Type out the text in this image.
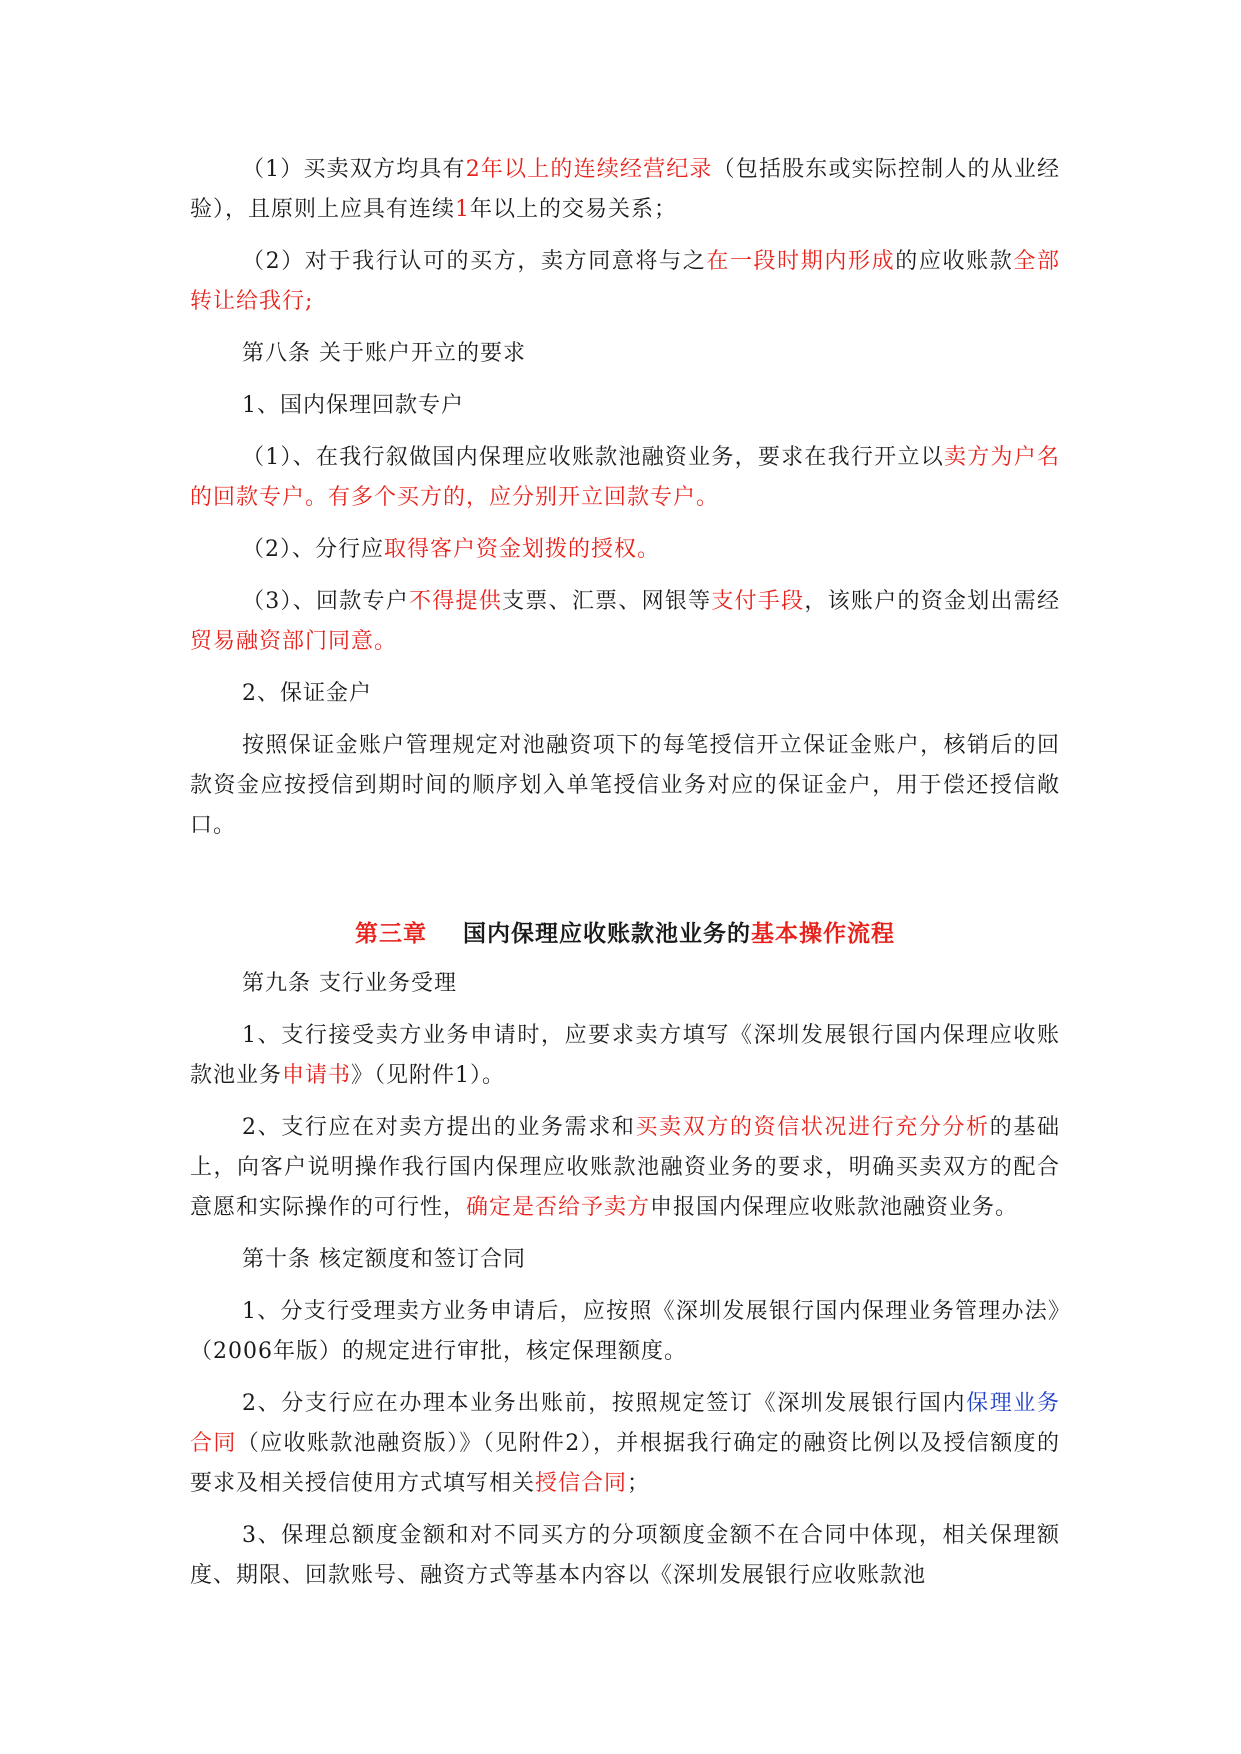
（1）买卖双方均具有2年以上的连续经营纪录（包括股东或实际控制人的从业经验），且原则上应具有连续1年以上的交易关系；

（2）对于我行认可的买方，卖方同意将与之在一段时期内形成的应收账款全部转让给我行;

第八条 关于账户开立的要求

1、国内保理回款专户

（1）、在我行叙做国内保理应收账款池融资业务，要求在我行开立以卖方为户名的回款专户。有多个买方的，应分别开立回款专户。

（2）、分行应取得客户资金划拨的授权。

（3）、回款专户不得提供支票、汇票、网银等支付手段，该账户的资金划出需经贸易融资部门同意。

2、保证金户

按照保证金账户管理规定对池融资项下的每笔授信开立保证金账户，核销后的回款资金应按授信到期时间的顺序划入单笔授信业务对应的保证金户，用于偿还授信敞口。

第三章 国内保理应收账款池业务的基本操作流程

第九条 支行业务受理

1、支行接受卖方业务申请时，应要求卖方填写《深圳发展银行国内保理应收账款池业务申请书》（见附件1）。

2、支行应在对卖方提出的业务需求和买卖双方的资信状况进行充分分析的基础上，向客户说明操作我行国内保理应收账款池融资业务的要求，明确买卖双方的配合意愿和实际操作的可行性，确定是否给予卖方申报国内保理应收账款池融资业务。

第十条 核定额度和签订合同

1、分支行受理卖方业务申请后，应按照《深圳发展银行国内保理业务管理办法》（2006年版）的规定进行审批，核定保理额度。

2、分支行应在办理本业务出账前，按照规定签订《深圳发展银行国内保理业务合同（应收账款池融资版）》（见附件2），并根据我行确定的融资比例以及授信额度的要求及相关授信使用方式填写相关授信合同；

3、保理总额度金额和对不同买方的分项额度金额不在合同中体现，相关保理额度、期限、回款账号、融资方式等基本内容以《深圳发展银行应收账款池
